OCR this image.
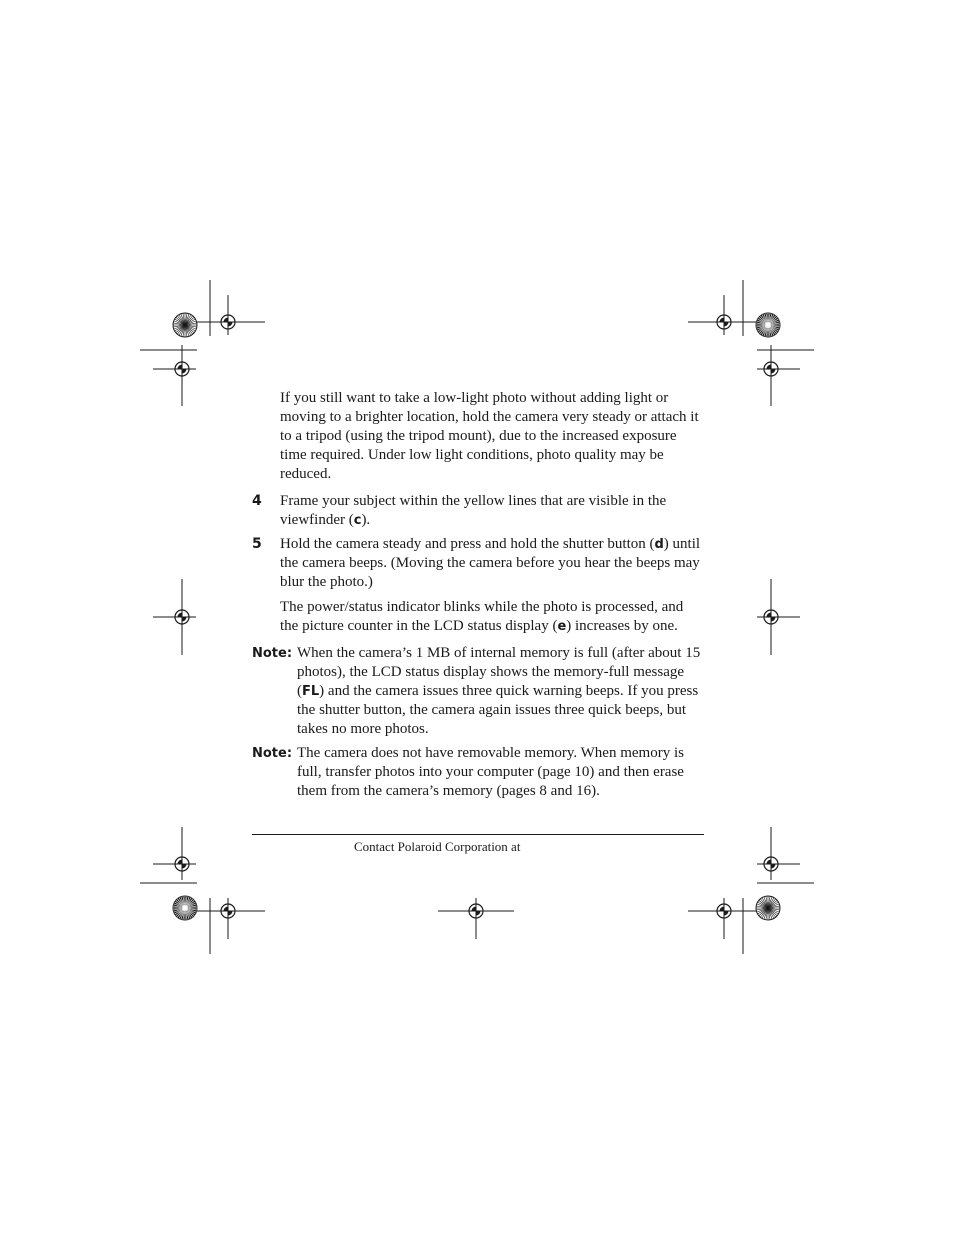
If you still want to take a low-light photo without adding light or moving to a brighter location, hold the camera very steady or attach it to a tripod (using the tripod mount), due to the increased exposure time required. Under low light conditions, photo quality may be reduced.

4 Frame your subject within the yellow lines that are visible in the viewfinder (c).

5 Hold the camera steady and press and hold the shutter button (d) until the camera beeps. (Moving the camera before you hear the beeps may blur the photo.)

The power/status indicator blinks while the photo is processed, and the picture counter in the LCD status display (e) increases by one.

Note: When the camera’s 1 MB of internal memory is full (after about 15 photos), the LCD status display shows the memory-full message (FL) and the camera issues three quick warning beeps. If you press the shutter button, the camera again issues three quick beeps, but takes no more photos.

Note: The camera does not have removable memory. When memory is full, transfer photos into your computer (page 10) and then erase them from the camera’s memory (pages 8 and 16).

Contact Polaroid Corporation at
